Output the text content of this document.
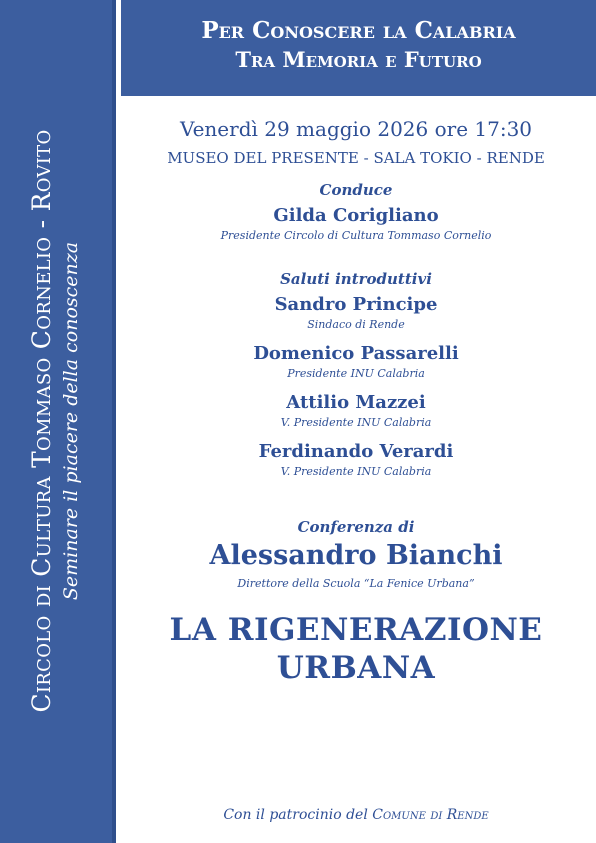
Circolo di Cultura Tommaso Cornelio - Rovito Seminare il piacere della conoscenza
Per Conoscere la Calabria
Tra Memoria e Futuro
Venerdì 29 maggio 2026 ore 17:30
MUSEO DEL PRESENTE - SALA TOKIO - RENDE
Conduce
Gilda Corigliano
Presidente Circolo di Cultura Tommaso Cornelio
Saluti introduttivi
Sandro Principe
Sindaco di Rende
Domenico Passarelli
Presidente INU Calabria
Attilio Mazzei
V. Presidente INU Calabria
Ferdinando Verardi
V. Presidente INU Calabria
Conferenza di
Alessandro Bianchi
Direttore della Scuola “La Fenice Urbana”
LA RIGENERAZIONE
URBANA
Con il patrocinio del Comune di Rende
